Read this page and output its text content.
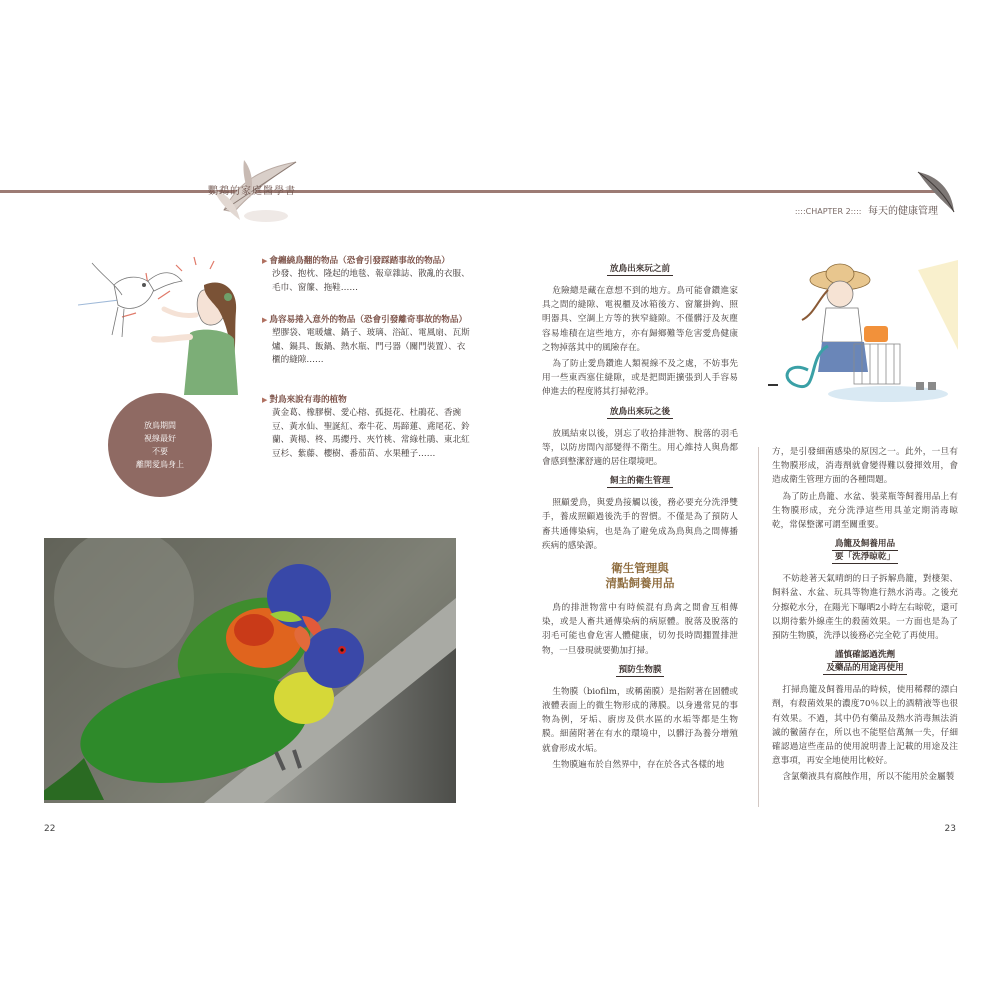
鸚鵡的家庭醫學書
::::CHAPTER 2:::: 每天的健康管理
放鳥期間
視線最好
不要
離開愛鳥身上
▶ 會纏繞鳥翻的物品（恐會引發踩踏事故的物品）
沙發、抱枕、隆起的地毯、報章雜誌、散亂的衣服、毛巾、窗簾、拖鞋……
▶ 鳥容易捲入意外的物品（恐會引發離奇事故的物品）
塑膠袋、電暖爐、鍋子、玻璃、浴缸、電風扇、瓦斯爐、鍋具、飯鍋、熱水瓶、門弓器（關門裝置）、衣櫃的縫隙……
▶ 對鳥來說有毒的植物
黃金葛、橡膠樹、愛心榕、孤挺花、杜鵑花、香豌豆、黃水仙、聖誕紅、牽牛花、馬蹄蓮、鳶尾花、鈴蘭、黃楊、柊、馬纓丹、夾竹桃、常綠杜鵑、東北紅豆杉、紫藤、櫻樹、番茄苗、水果種子……
22
放鳥出來玩之前

危險總是藏在意想不到的地方。鳥可能會鑽進家具之間的縫隙、電視櫃及冰箱後方、窗簾掛鉤、照明器具、空調上方等的狹窄縫隙。不僅髒汙及灰塵容易堆積在這些地方，亦有歸鄉難等危害愛鳥健康之物掉落其中的風險存在。

為了防止愛鳥鑽進人類視線不及之處，不妨事先用一些東西塞住縫隙，或是把間距擴張到人手容易伸進去的程度將其打掃乾淨。

放鳥出來玩之後

放風結束以後，別忘了收拾排泄物、脫落的羽毛等，以防房間內部變得不衛生。用心維持人與鳥都會感到整潔舒適的居住環境吧。

飼主的衛生管理

照顧愛鳥，與愛鳥接觸以後，務必要充分洗淨雙手，養成照顧過後洗手的習慣。不僅是為了預防人畜共通傳染病，也是為了避免成為鳥與鳥之間傳播疾病的感染源。

衛生管理與
清點飼養用品

鳥的排泄物當中有時候混有鳥禽之間會互相傳染，或是人畜共通傳染病的病原體。脫落及脫落的羽毛可能也會危害人體健康，切勿長時間擱置排泄物，一旦發現就要勤加打掃。

預防生物膜

生物膜（biofilm，或稱菌膜）是指附著在固體或液體表面上的微生物形成的薄膜。以身邊常見的事物為例，牙垢、廚房及供水區的水垢等都是生物膜。細菌附著在有水的環境中，以髒汙為養分增殖就會形成水垢。

生物膜遍布於自然界中，存在於各式各樣的地

方，是引發細菌感染的原因之一。此外，一旦有生物膜形成，消毒劑就會變得難以發揮效用，會造成衛生管理方面的各種問題。

為了防止鳥籠、水盆、裝菜瓶等飼養用品上有生物膜形成，充分洗淨這些用具並定期消毒晾乾，常保整潔可謂至關重要。

鳥籠及飼養用品
要「洗淨晾乾」

不妨趁著天氣晴朗的日子拆解鳥籠，對棲架、飼料盆、水盆、玩具等物進行熱水消毒。之後充分擦乾水分，在陽光下曝晒2小時左右晾乾，還可以期待紫外線產生的殺菌效果。一方面也是為了預防生物膜，洗淨以後務必完全乾了再使用。

謹慎確認過洗劑
及藥品的用途再使用

打掃鳥籠及飼養用品的時候，使用稀釋的漂白劑，有殺菌效果的濃度70％以上的酒精液等也很有效果。不過，其中仍有藥品及熱水消毒無法消滅的黴菌存在，所以也不能堅信萬無一失，仔細確認過這些產品的使用說明書上記載的用途及注意事項，再安全地使用比較好。

含氯藥液具有腐蝕作用，所以不能用於金屬製

23
